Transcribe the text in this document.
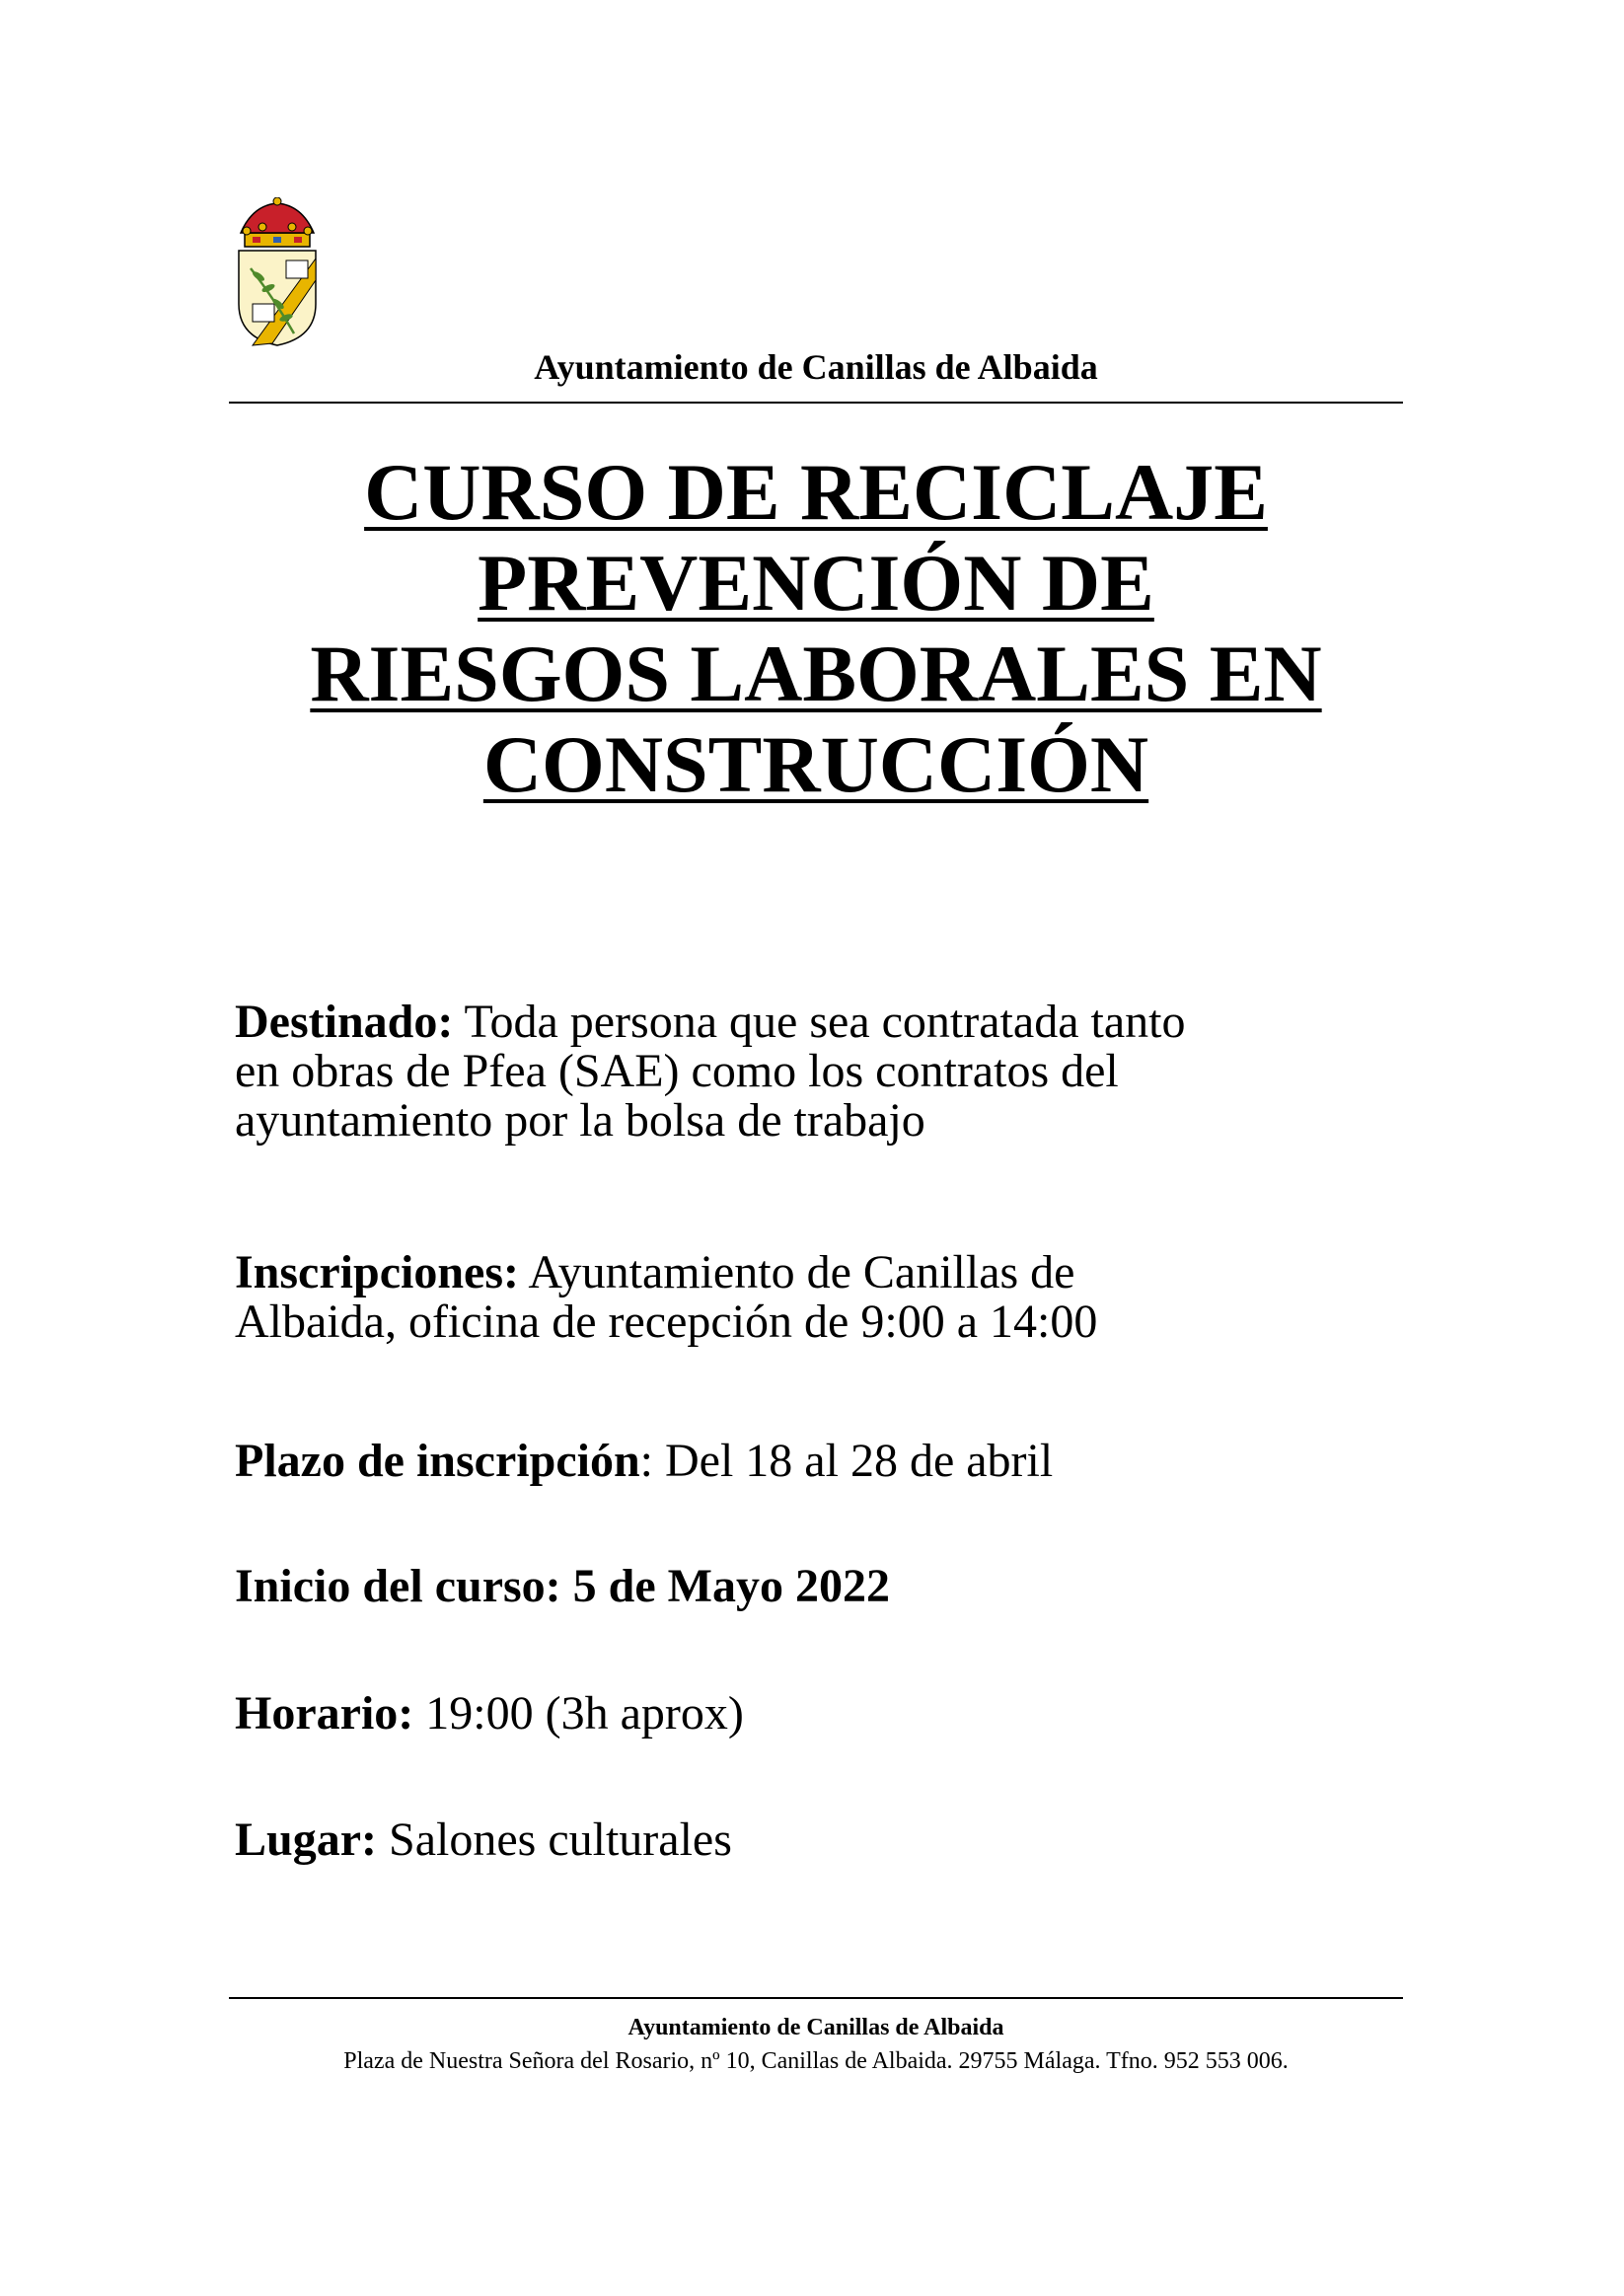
Ayuntamiento de Canillas de Albaida
CURSO DE RECICLAJE
PREVENCIÓN DE
RIESGOS LABORALES EN
CONSTRUCCIÓN
Destinado: Toda persona que sea contratada tanto
en obras de Pfea (SAE) como los contratos del
ayuntamiento por la bolsa de trabajo
Inscripciones: Ayuntamiento de Canillas de
Albaida, oficina de recepción de 9:00 a 14:00
Plazo de inscripción: Del 18 al 28 de abril
Inicio del curso: 5 de Mayo 2022
Horario: 19:00 (3h aprox)
Lugar: Salones culturales
Ayuntamiento de Canillas de Albaida
Plaza de Nuestra Señora del Rosario, nº 10, Canillas de Albaida. 29755 Málaga. Tfno. 952 553 006.
